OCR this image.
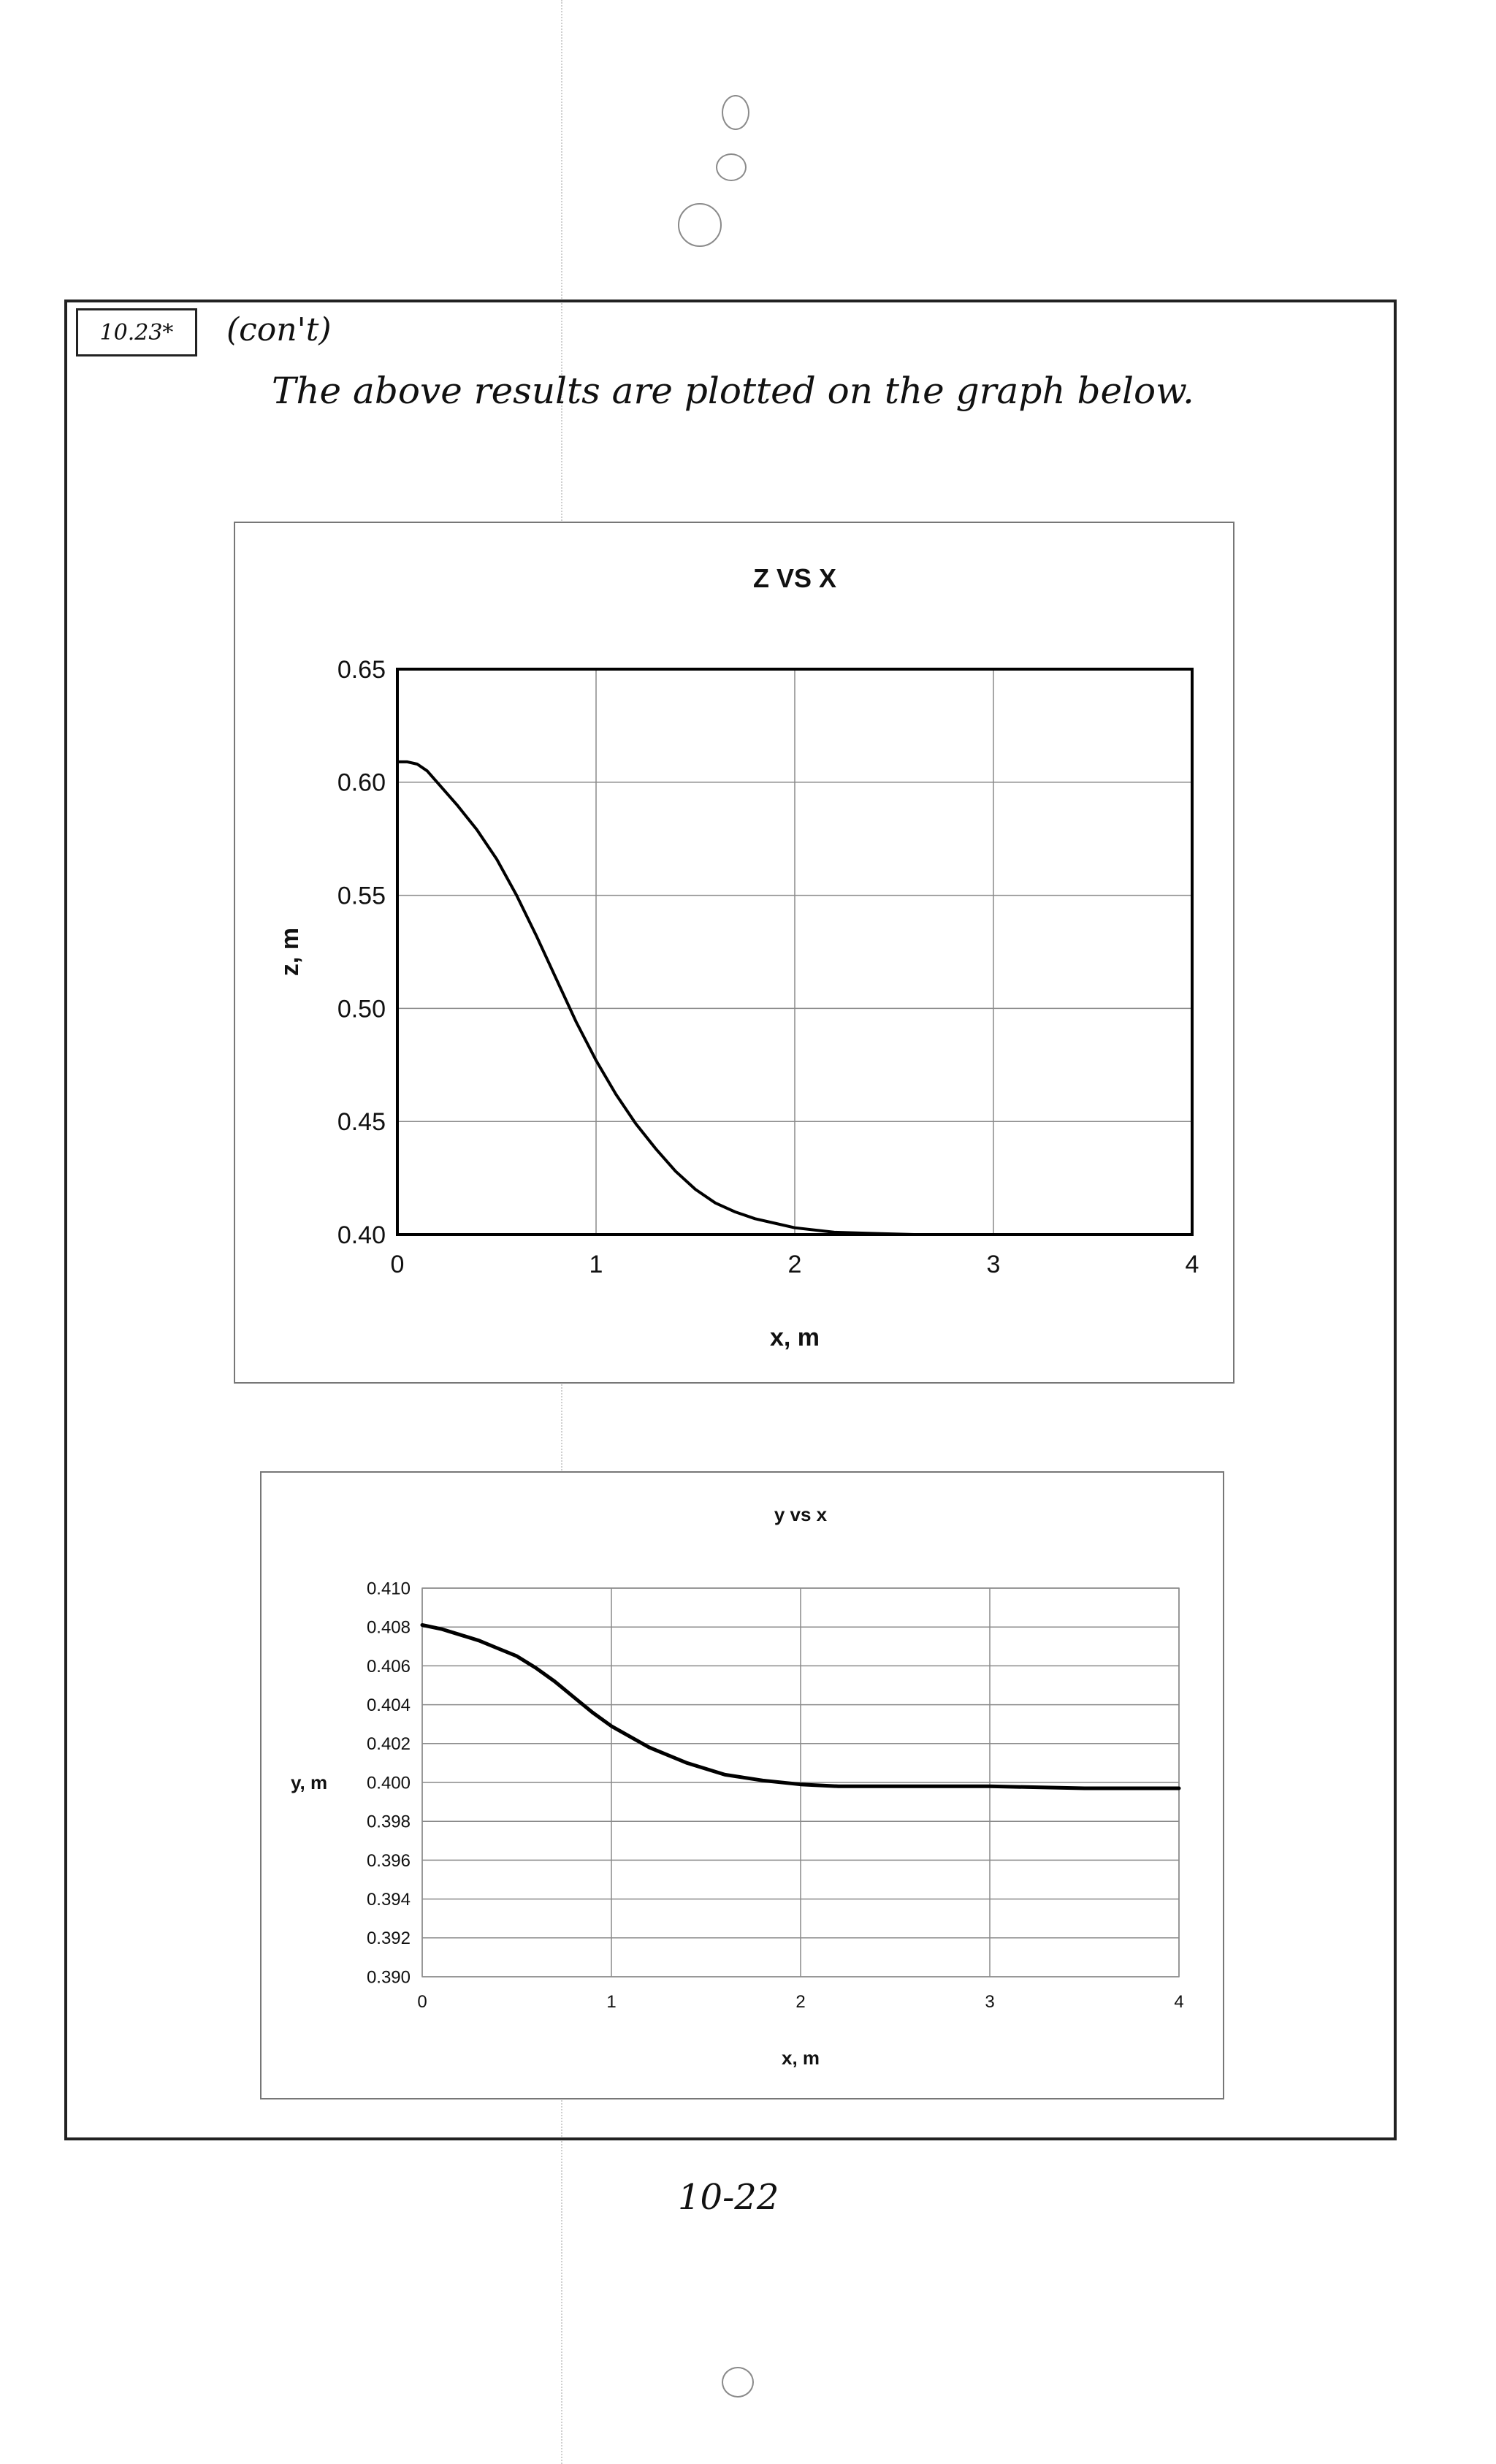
10.23* (con't)
The above results are plotted on the graph below.
0.40
0.45
0.50
0.55
0.60
0.65
0	1	2	3	4
Z VS X
x, m
z, m
0.390
0.392
0.394
0.396
0.398
0.400
0.402
0.404
0.406
0.408
0.410
0	1	2	3	4
y vs x
x, m
y, m
10-22
